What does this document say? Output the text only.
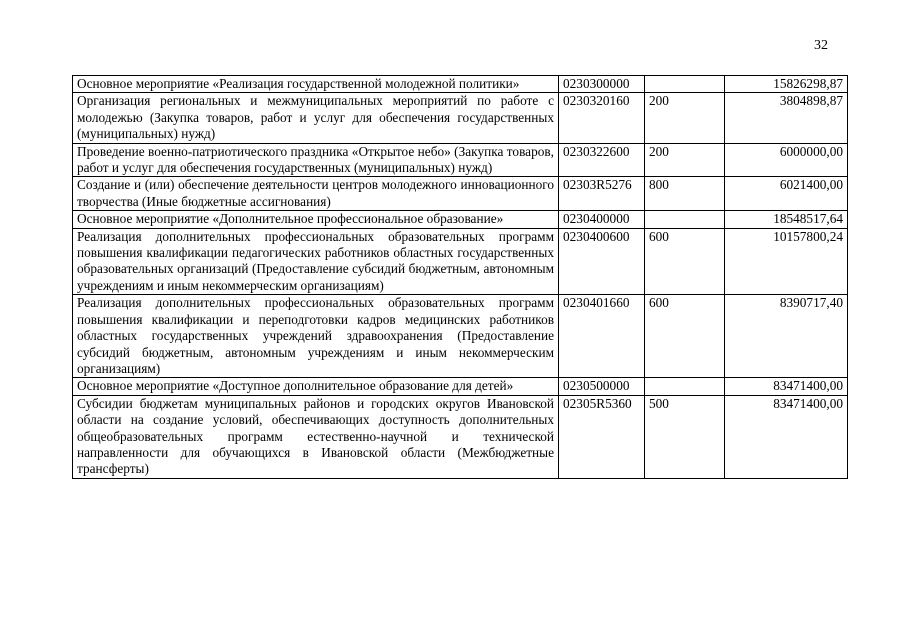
32
Основное мероприятие «Реализация государственной молодежной политики»	0230300000		15826298,87
Организация региональных и межмуниципальных мероприятий по работе с молодежью (Закупка товаров, работ и услуг для обеспечения государственных (муниципальных) нужд)	0230320160	200	3804898,87
Проведение военно-патриотического праздника «Открытое небо» (Закупка товаров, работ и услуг для обеспечения государственных (муниципальных) нужд)	0230322600	200	6000000,00
Создание и (или) обеспечение деятельности центров молодежного инновационного творчества (Иные бюджетные ассигнования)	02303R5276	800	6021400,00
Основное мероприятие «Дополнительное профессиональное образование»	0230400000		18548517,64
Реализация дополнительных профессиональных образовательных программ повышения квалификации педагогических работников областных государственных образовательных организаций (Предоставление субсидий бюджетным, автономным учреждениям и иным некоммерческим организациям)	0230400600	600	10157800,24
Реализация дополнительных профессиональных образовательных программ повышения квалификации и переподготовки кадров медицинских работников областных государственных учреждений здравоохранения (Предоставление субсидий бюджетным, автономным учреждениям и иным некоммерческим организациям)	0230401660	600	8390717,40
Основное мероприятие «Доступное дополнительное образование для детей»	0230500000		83471400,00
Субсидии бюджетам муниципальных районов и городских округов Ивановской области на создание условий, обеспечивающих доступность дополнительных общеобразовательных программ естественно-научной и технической направленности для обучающихся в Ивановской области (Межбюджетные трансферты)	02305R5360	500	83471400,00
